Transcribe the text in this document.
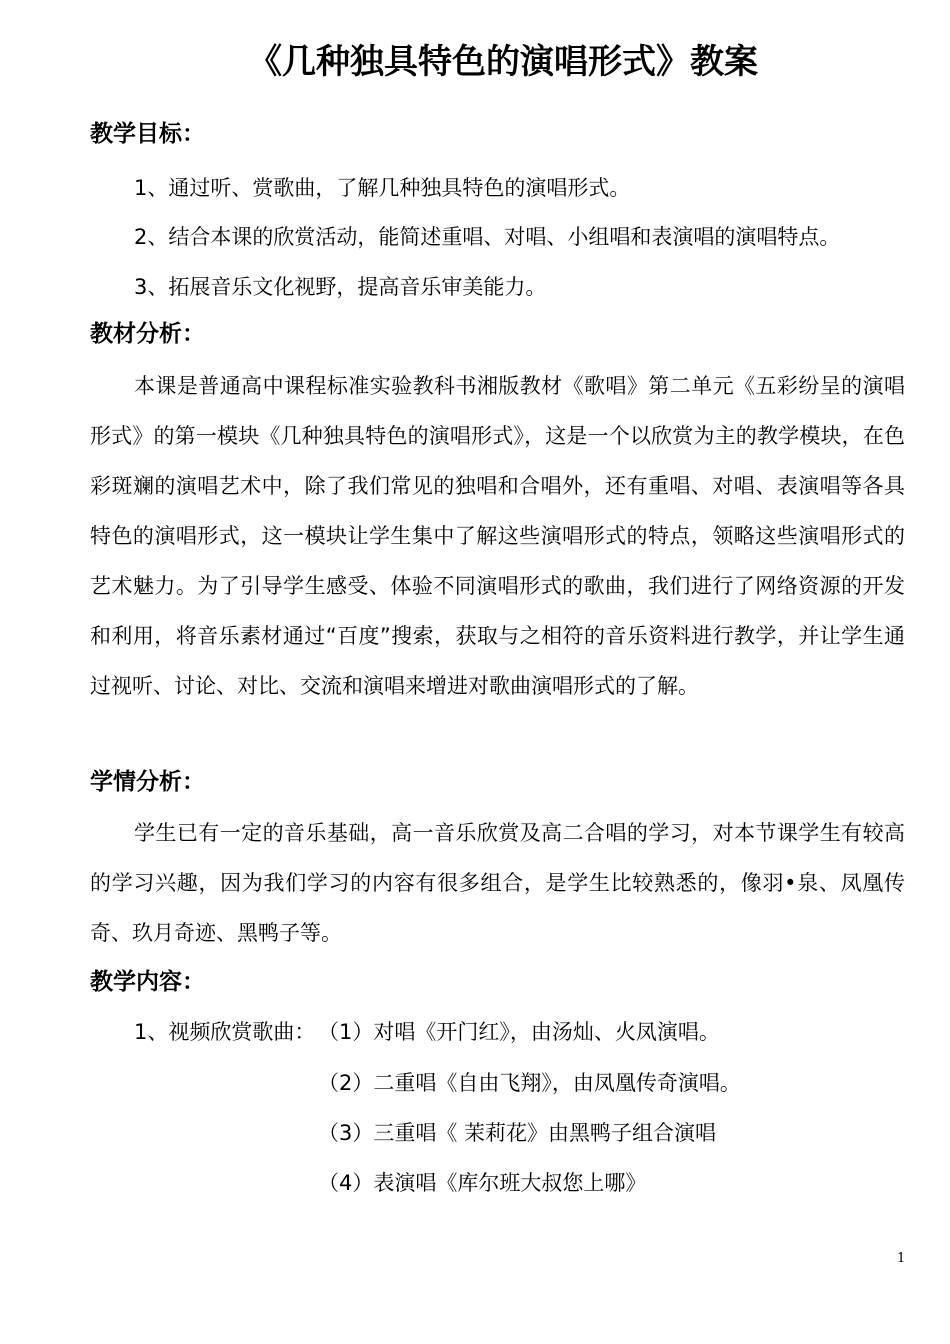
《几种独具特色的演唱形式》教案
教学目标：
1、通过听、赏歌曲，了解几种独具特色的演唱形式。
2、结合本课的欣赏活动，能简述重唱、对唱、小组唱和表演唱的演唱特点。
3、拓展音乐文化视野，提高音乐审美能力。
教材分析：
本课是普通高中课程标准实验教科书湘版教材《歌唱》第二单元《五彩纷呈的演唱形式》的第一模块《几种独具特色的演唱形式》，这是一个以欣赏为主的教学模块，在色彩斑斓的演唱艺术中，除了我们常见的独唱和合唱外，还有重唱、对唱、表演唱等各具特色的演唱形式，这一模块让学生集中了解这些演唱形式的特点，领略这些演唱形式的艺术魅力。为了引导学生感受、体验不同演唱形式的歌曲，我们进行了网络资源的开发和利用，将音乐素材通过“百度”搜索，获取与之相符的音乐资料进行教学，并让学生通过视听、讨论、对比、交流和演唱来增进对歌曲演唱形式的了解。
学情分析：
学生已有一定的音乐基础，高一音乐欣赏及高二合唱的学习，对本节课学生有较高的学习兴趣，因为我们学习的内容有很多组合，是学生比较熟悉的，像羽•泉、凤凰传奇、玖月奇迹、黑鸭子等。
教学内容：
1、视频欣赏歌曲： （1）对唱《开门红》，由汤灿、火凤演唱。
（2）二重唱《自由飞翔》，由凤凰传奇演唱。
（3）三重唱《 茉莉花》由黑鸭子组合演唱
（4）表演唱《库尔班大叔您上哪》
1
